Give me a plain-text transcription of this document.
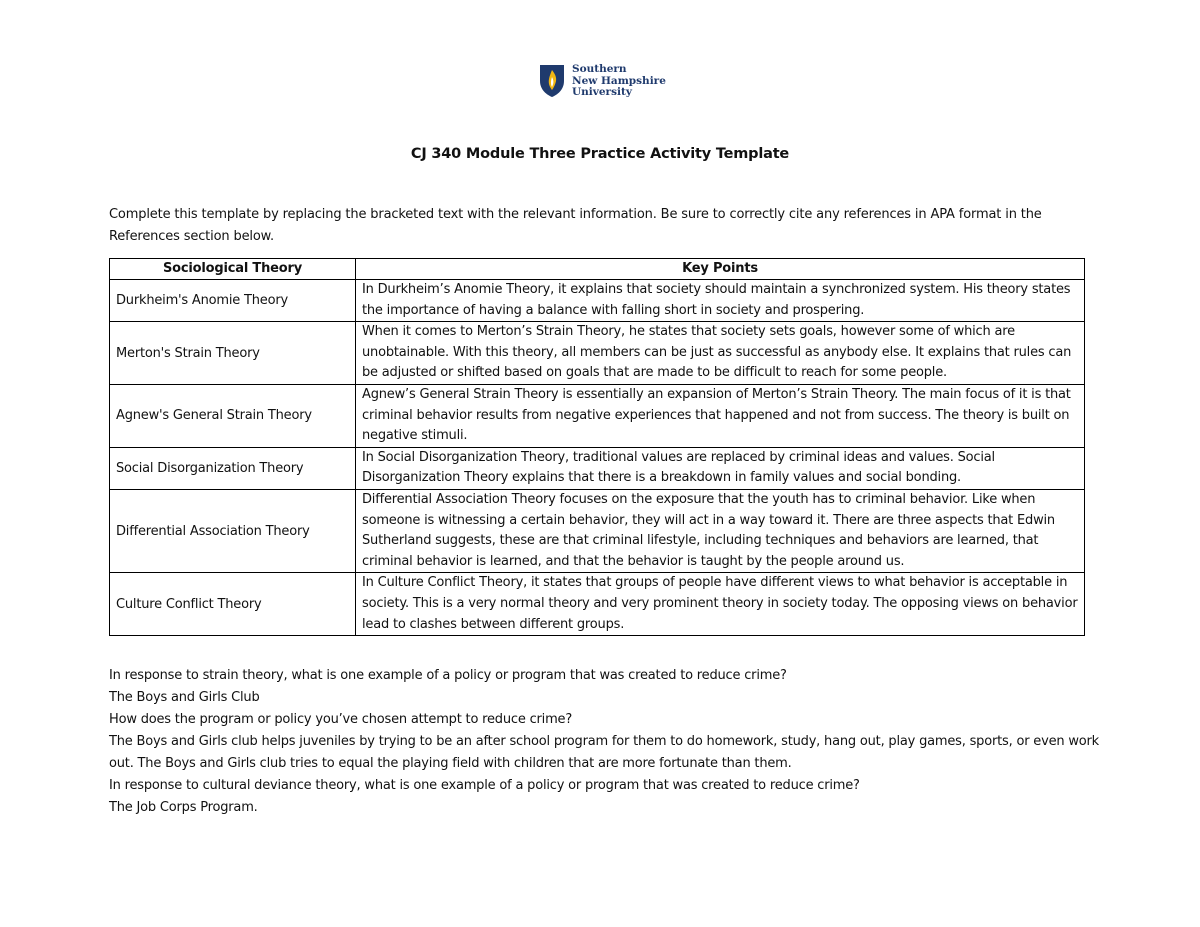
Southern
New Hampshire
University
CJ 340 Module Three Practice Activity Template
Complete this template by replacing the bracketed text with the relevant information. Be sure to correctly cite any references in APA format in the References section below.
Sociological Theory	Key Points
Durkheim's Anomie Theory	In Durkheim’s Anomie Theory, it explains that society should maintain a synchronized system. His theory states the importance of having a balance with falling short in society and prospering.
Merton's Strain Theory	When it comes to Merton’s Strain Theory, he states that society sets goals, however some of which are unobtainable. With this theory, all members can be just as successful as anybody else. It explains that rules can be adjusted or shifted based on goals that are made to be difficult to reach for some people.
Agnew's General Strain Theory	Agnew’s General Strain Theory is essentially an expansion of Merton’s Strain Theory. The main focus of it is that criminal behavior results from negative experiences that happened and not from success. The theory is built on negative stimuli.
Social Disorganization Theory	In Social Disorganization Theory, traditional values are replaced by criminal ideas and values. Social Disorganization Theory explains that there is a breakdown in family values and social bonding.
Differential Association Theory	Differential Association Theory focuses on the exposure that the youth has to criminal behavior. Like when someone is witnessing a certain behavior, they will act in a way toward it. There are three aspects that Edwin Sutherland suggests, these are that criminal lifestyle, including techniques and behaviors are learned, that criminal behavior is learned, and that the behavior is taught by the people around us.
Culture Conflict Theory	In Culture Conflict Theory, it states that groups of people have different views to what behavior is acceptable in society. This is a very normal theory and very prominent theory in society today. The opposing views on behavior lead to clashes between different groups.

In response to strain theory, what is one example of a policy or program that was created to reduce crime?

The Boys and Girls Club

How does the program or policy you’ve chosen attempt to reduce crime?

The Boys and Girls club helps juveniles by trying to be an after school program for them to do homework, study, hang out, play games, sports, or even work out. The Boys and Girls club tries to equal the playing field with children that are more fortunate than them.

In response to cultural deviance theory, what is one example of a policy or program that was created to reduce crime?

The Job Corps Program.
